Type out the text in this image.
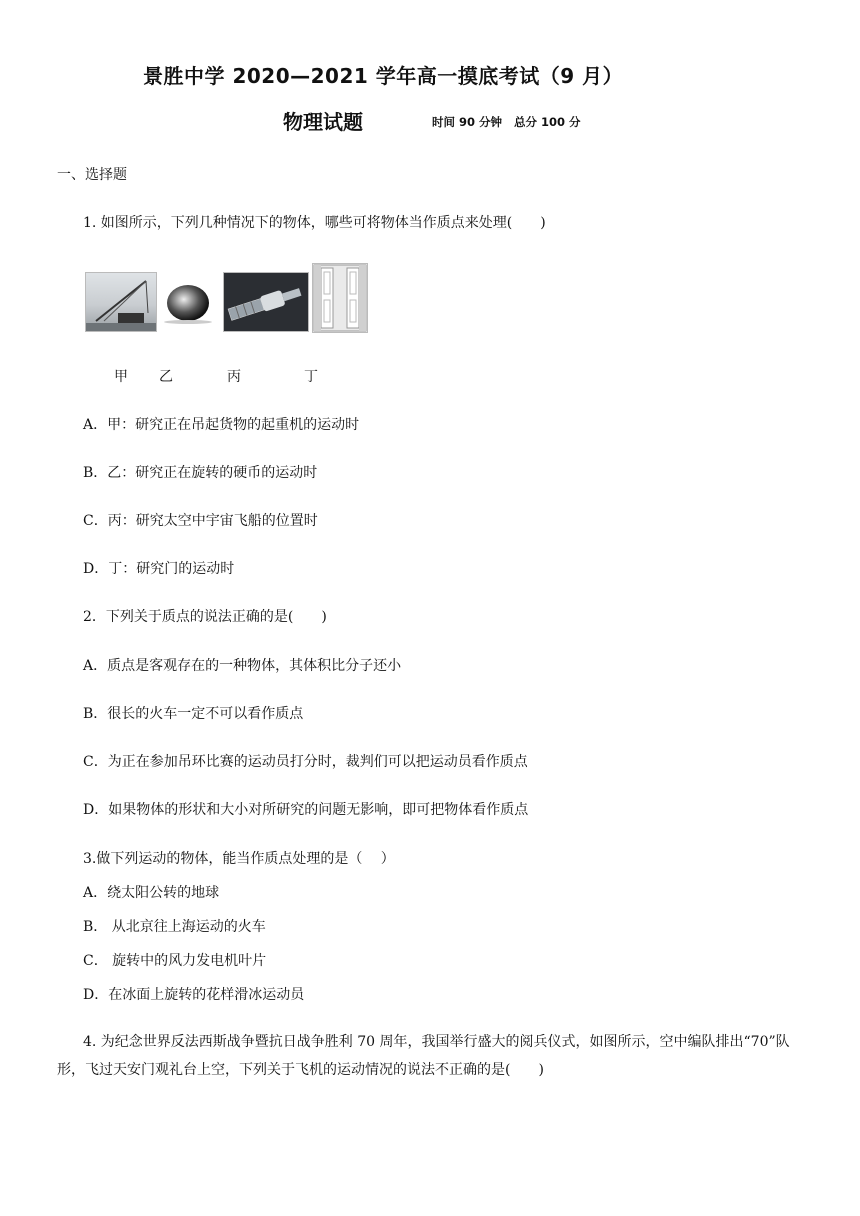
景胜中学 2020—2021 学年高一摸底考试（9 月）
物理试题	时间 90 分钟 总分 100 分
一、选择题
1. 如图所示，下列几种情况下的物体，哪些可将物体当作质点来处理(　　)
甲 乙	丙	丁
A．甲：研究正在吊起货物的起重机的运动时
B．乙：研究正在旋转的硬币的运动时
C．丙：研究太空中宇宙飞船的位置时
D．丁：研究门的运动时
2．下列关于质点的说法正确的是(　　)
A．质点是客观存在的一种物体，其体积比分子还小
B．很长的火车一定不可以看作质点
C．为正在参加吊环比赛的运动员打分时，裁判们可以把运动员看作质点
D．如果物体的形状和大小对所研究的问题无影响，即可把物体看作质点
3.做下列运动的物体，能当作质点处理的是（　 ）
A．绕太阳公转的地球
B． 从北京往上海运动的火车
C． 旋转中的风力发电机叶片
D．在冰面上旋转的花样滑冰运动员
4. 为纪念世界反法西斯战争暨抗日战争胜利 70 周年，我国举行盛大的阅兵仪式，如图所示，空中编队排出“70”队形，飞过天安门观礼台上空，下列关于飞机的运动情况的说法不正确的是(　　)
